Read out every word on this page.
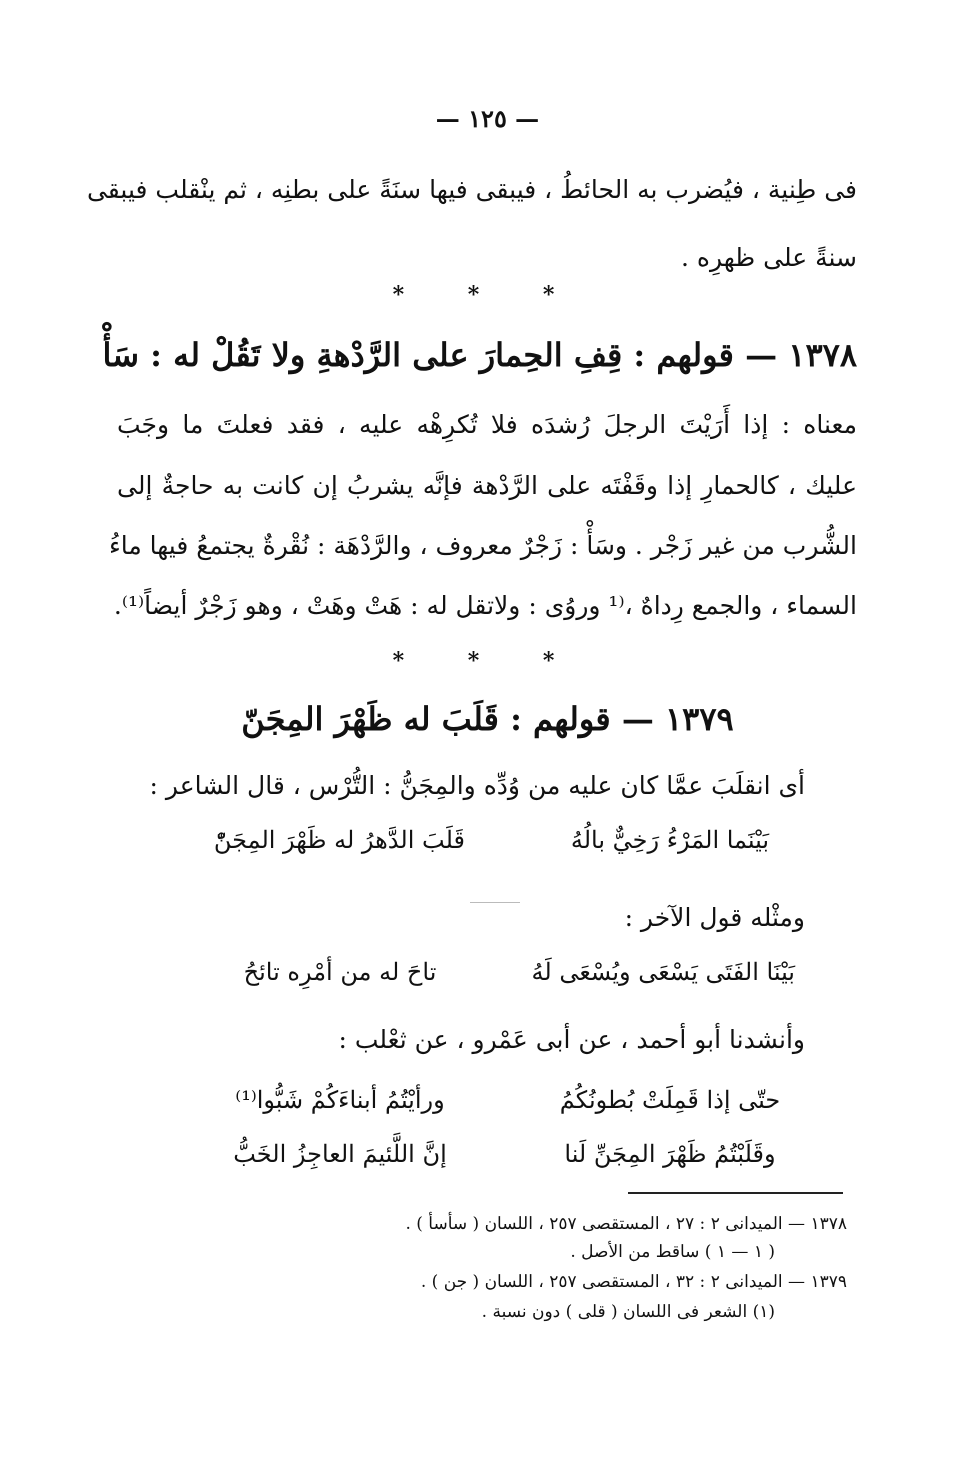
— ١٢٥ —
فى طِنية ، فيُضرب به الحائطُ ، فيبقى فيها سنَةً على بطنِه ، ثم ينْقلب فيبقى
سنةً على ظهرِه .
* * *
١٣٧٨ — قولهم : قِفِ الحِمارَ على الرَّدْهةِ ولا تَقُلْ له : سَأْ
معناه : إذا أَرَيْتَ الرجلَ رُشدَه فلا تُكرِهْه عليه ، فقد فعلتَ ما وجَبَ
عليك ، كالحمارِ إذا وقَفْتَه على الرَّدْهة فإنَّه يشربُ إن كانت به حاجةٌ إلى
الشُّرب من غير زَجْر . وسَأْ : زَجْرٌ معروف ، والرَّدْهَة : نُقْرةٌ يجتمعُ فيها ماءُ
السماء ، والجمع رِداهٌ ،⁽¹ وروُى : ولاتقل له : هَتْ وهَتْ ، وهو زَجْرٌ أيضاً⁽¹⁾.
* * *
١٣٧٩ — قولهم : قَلَبَ له ظَهْرَ المِجَنّ
أى انقلَبَ عمَّا كان عليه من وُدِّه والمِجَنُّ : التُّرْس ، قال الشاعر :
بَيْنَما المَرْءُ رَخِيٌّ بالُهُقَلَبَ الدَّهرُ له ظَهْرَ المِجَنّْ
ومثْله قول الآخر :
بَيْنَا الفَتَى يَسْعَى ويُسْعَى لَهُتاحَ له من أمْرِه تائحُ
وأنشدنا أبو أحمد ، عن أبى عَمْرو ، عن ثعْلب :
حتّى إذا قَمِلَتْ بُطونُكُمُورأيْتُمُ أبناءَكُمْ شَبُّوا⁽¹⁾
وقَلَبْتُمُ ظَهْرَ المِجَنِّ لَناإنَّ اللَّئيمَ العاجِزُ الخَبُّ
١٣٧٨ — الميدانى ٢ : ٢٧ ، المستقصى ٢٥٧ ، اللسان ( سأسأ ) .
( ١ — ١ ) ساقط من الأصل .
١٣٧٩ — الميدانى ٢ : ٣٢ ، المستقصى ٢٥٧ ، اللسان ( جن ) .
(١) الشعر فى اللسان ( قلى ) دون نسبة .
